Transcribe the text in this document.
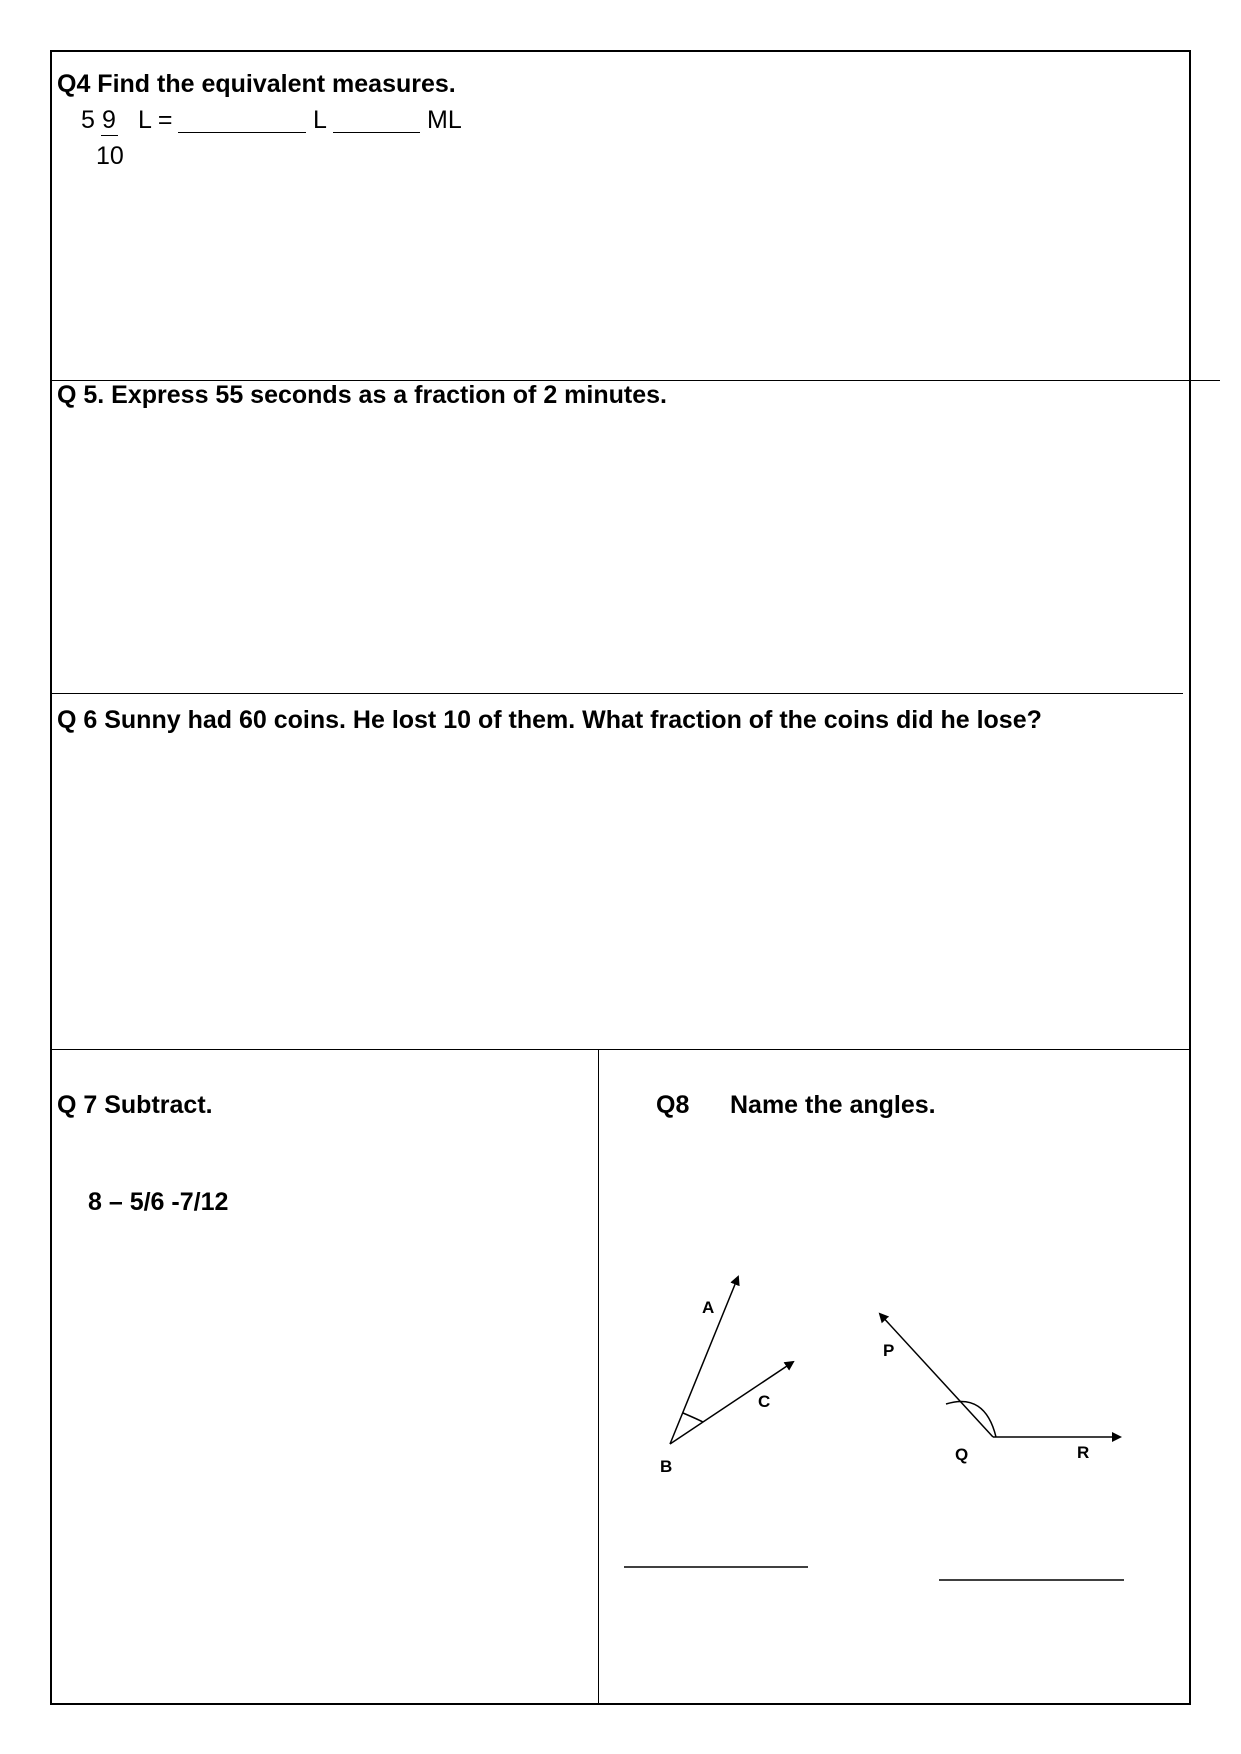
Q4 Find the equivalent measures.
5 9
10
L =	L	ML
Q 5. Express 55 seconds as a fraction of 2 minutes.
Q 6 Sunny had 60 coins. He lost 10 of them. What fraction of the coins did he lose?
Q 7 Subtract.
8 – 5/6 -7/12
Q8 Name the angles.
A
B
C
P
Q	R
